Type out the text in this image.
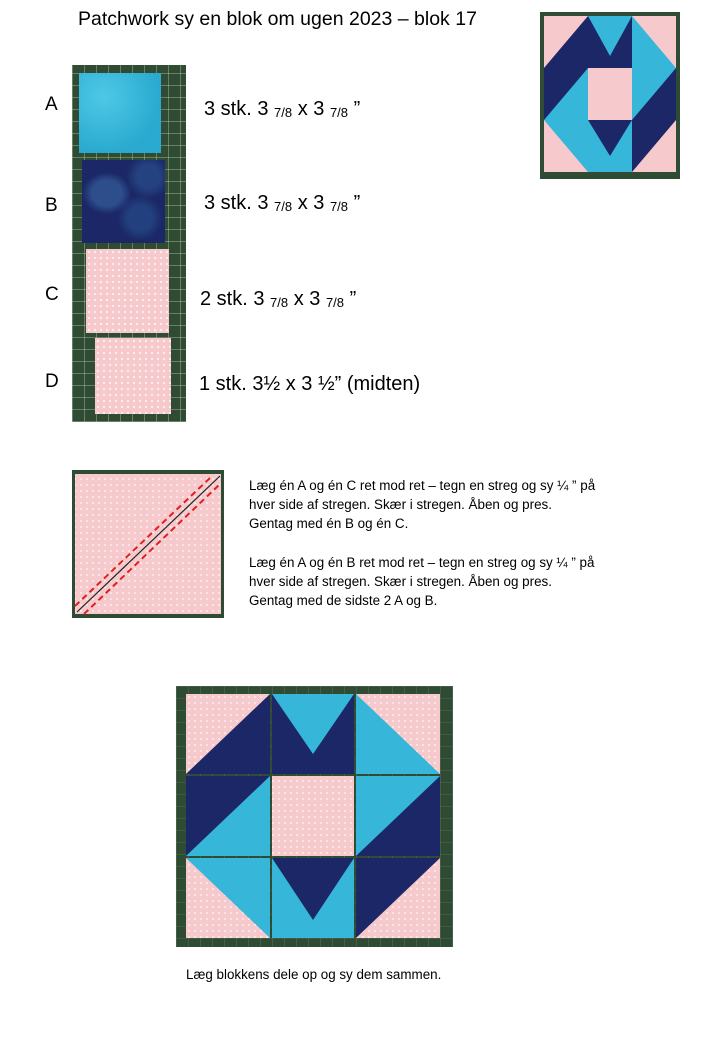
Patchwork sy en blok om ugen 2023 – blok 17
A
B
C
D
3 stk. 3 $_{7/8}$ x 3 $_{7/8}$ ”
3 stk. 3 $_{7/8}$ x 3 $_{7/8}$ ”
2 stk. 3 $_{7/8}$ x 3 $_{7/8}$ ”
1 stk. 3½ x 3 ½” (midten)
Læg én A og én C ret mod ret – tegn en streg og sy ¼ ” på
hver side af stregen. Skær i stregen. Åben og pres.
Gentag med én B og én C.
Læg én A og én B ret mod ret – tegn en streg og sy ¼ ” på
hver side af stregen. Skær i stregen. Åben og pres.
Gentag med de sidste 2 A og B.
Læg blokkens dele op og sy dem sammen.
